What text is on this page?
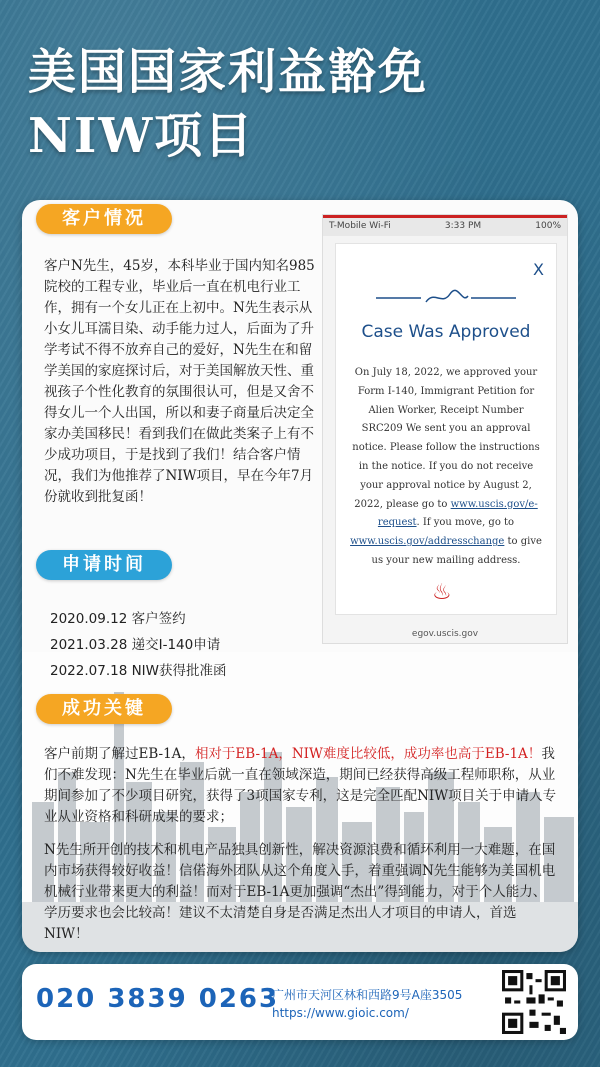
美国国家利益豁免
NIW项目
客户情况
客户N先生，45岁，本科毕业于国内知名985院校的工程专业，毕业后一直在机电行业工作，拥有一个女儿正在上初中。N先生表示从小女儿耳濡目染、动手能力过人，后面为了升学考试不得不放弃自己的爱好，N先生在和留学美国的家庭探讨后，对于美国解放天性、重视孩子个性化教育的氛围很认可，但是又舍不得女儿一个人出国，所以和妻子商量后决定全家办美国移民！看到我们在做此类案子上有不少成功项目，于是找到了我们！结合客户情况，我们为他推荐了NIW项目，早在今年7月份就收到批复函！
申请时间
2020.09.12 客户签约
2021.03.28 递交I-140申请
2022.07.18 NIW获得批准函
成功关键
客户前期了解过EB-1A，相对于EB-1A，NIW难度比较低，成功率也高于EB-1A！我们不难发现：N先生在毕业后就一直在领域深造，期间已经获得高级工程师职称，从业期间参加了不少项目研究，获得了3项国家专利，这是完全匹配NIW项目关于申请人专业从业资格和科研成果的要求；
N先生所开创的技术和机电产品独具创新性，解决资源浪费和循环利用一大难题，在国内市场获得较好收益！信偌海外团队从这个角度入手，着重强调N先生能够为美国机电机械行业带来更大的利益！而对于EB-1A更加强调“杰出”得到能力，对于个人能力、学历要求也会比较高！建议不太清楚自身是否满足杰出人才项目的申请人，首选NIW！
T-Mobile Wi-Fi	3:33 PM	100%
X
Case Was Approved

On July 18, 2022, we approved your Form I-140, Immigrant Petition for Alien Worker, Receipt Number SRC209 We sent you an approval notice. Please follow the instructions in the notice. If you do not receive your approval notice by August 2, 2022, please go to www.uscis.gov/e-request. If you move, go to www.uscis.gov/addresschange to give us your new mailing address.

♨
egov.uscis.gov
020 3839 0263
广州市天河区林和西路9号A座3505
https://www.gioic.com/
